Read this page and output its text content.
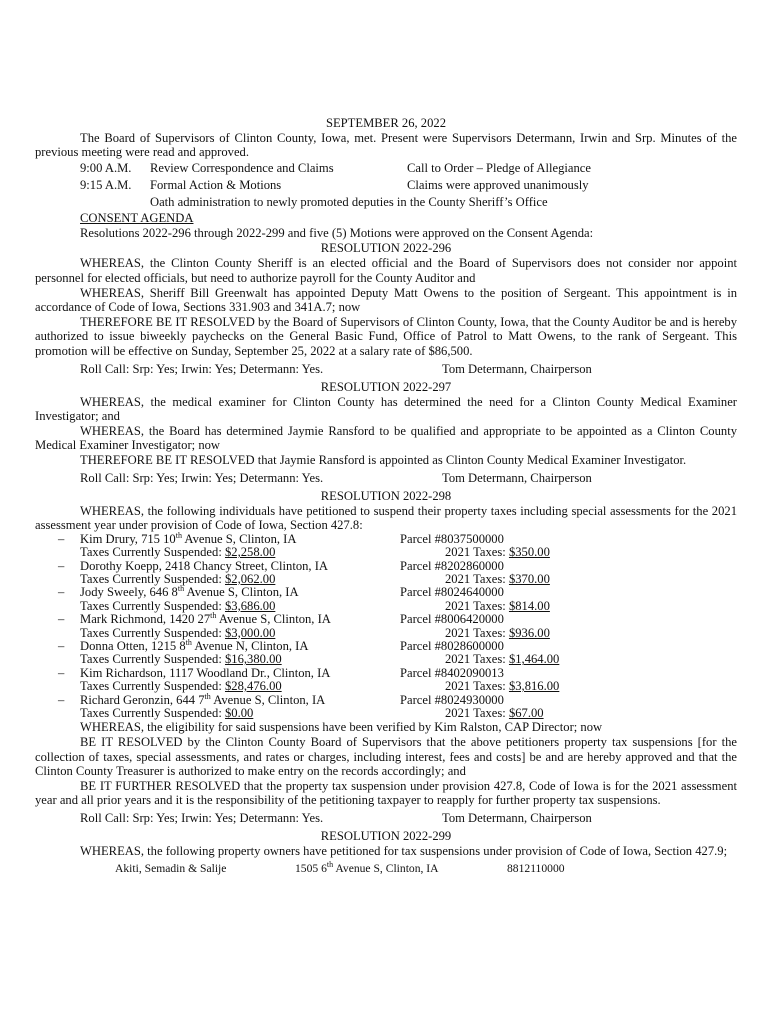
SEPTEMBER 26, 2022

The Board of Supervisors of Clinton County, Iowa, met. Present were Supervisors Determann, Irwin and Srp. Minutes of the previous meeting were read and approved.

9:00 A.M.	Review Correspondence and Claims	Call to Order – Pledge of Allegiance
9:15 A.M.	Formal Action & Motions	Claims were approved unanimously
Oath administration to newly promoted deputies in the County Sheriff’s Office

CONSENT AGENDA

Resolutions 2022-296 through 2022-299 and five (5) Motions were approved on the Consent Agenda:

RESOLUTION 2022-296

WHEREAS, the Clinton County Sheriff is an elected official and the Board of Supervisors does not consider nor appoint personnel for elected officials, but need to authorize payroll for the County Auditor and

WHEREAS, Sheriff Bill Greenwalt has appointed Deputy Matt Owens to the position of Sergeant. This appointment is in accordance of Code of Iowa, Sections 331.903 and 341A.7; now

THEREFORE BE IT RESOLVED by the Board of Supervisors of Clinton County, Iowa, that the County Auditor be and is hereby authorized to issue biweekly paychecks on the General Basic Fund, Office of Patrol to Matt Owens, to the rank of Sergeant. This promotion will be effective on Sunday, September 25, 2022 at a salary rate of $86,500.

Roll Call: Srp: Yes; Irwin: Yes; Determann: Yes.	Tom Determann, Chairperson
RESOLUTION 2022-297

WHEREAS, the medical examiner for Clinton County has determined the need for a Clinton County Medical Examiner Investigator; and

WHEREAS, the Board has determined Jaymie Ransford to be qualified and appropriate to be appointed as a Clinton County Medical Examiner Investigator; now

THEREFORE BE IT RESOLVED that Jaymie Ransford is appointed as Clinton County Medical Examiner Investigator.

Roll Call: Srp: Yes; Irwin: Yes; Determann: Yes.	Tom Determann, Chairperson
RESOLUTION 2022-298

WHEREAS, the following individuals have petitioned to suspend their property taxes including special assessments for the 2021 assessment year under provision of Code of Iowa, Section 427.8:

–	Kim Drury, 715 10th Avenue S, Clinton, IA	Parcel #8037500000
Taxes Currently Suspended: $2,258.00	2021 Taxes: $350.00
–	Dorothy Koepp, 2418 Chancy Street, Clinton, IA	Parcel #8202860000
Taxes Currently Suspended: $2,062.00	2021 Taxes: $370.00
–	Jody Sweely, 646 8th Avenue S, Clinton, IA	Parcel #8024640000
Taxes Currently Suspended: $3,686.00	2021 Taxes: $814.00
–	Mark Richmond, 1420 27th Avenue S, Clinton, IA	Parcel #8006420000
Taxes Currently Suspended: $3,000.00	2021 Taxes: $936.00
–	Donna Otten, 1215 8th Avenue N, Clinton, IA	Parcel #8028600000
Taxes Currently Suspended: $16,380.00	2021 Taxes: $1,464.00
–	Kim Richardson, 1117 Woodland Dr., Clinton, IA	Parcel #8402090013
Taxes Currently Suspended: $28,476.00	2021 Taxes: $3,816.00
–	Richard Geronzin, 644 7th Avenue S, Clinton, IA	Parcel #8024930000
Taxes Currently Suspended: $0.00	2021 Taxes: $67.00

WHEREAS, the eligibility for said suspensions have been verified by Kim Ralston, CAP Director; now

BE IT RESOLVED by the Clinton County Board of Supervisors that the above petitioners property tax suspensions [for the collection of taxes, special assessments, and rates or charges, including interest, fees and costs] be and are hereby approved and that the Clinton County Treasurer is authorized to make entry on the records accordingly; and

BE IT FURTHER RESOLVED that the property tax suspension under provision 427.8, Code of Iowa is for the 2021 assessment year and all prior years and it is the responsibility of the petitioning taxpayer to reapply for further property tax suspensions.

Roll Call: Srp: Yes; Irwin: Yes; Determann: Yes.	Tom Determann, Chairperson
RESOLUTION 2022-299

WHEREAS, the following property owners have petitioned for tax suspensions under provision of Code of Iowa, Section 427.9;

Akiti, Semadin & Salije	1505 6th Avenue S, Clinton, IA	8812110000
